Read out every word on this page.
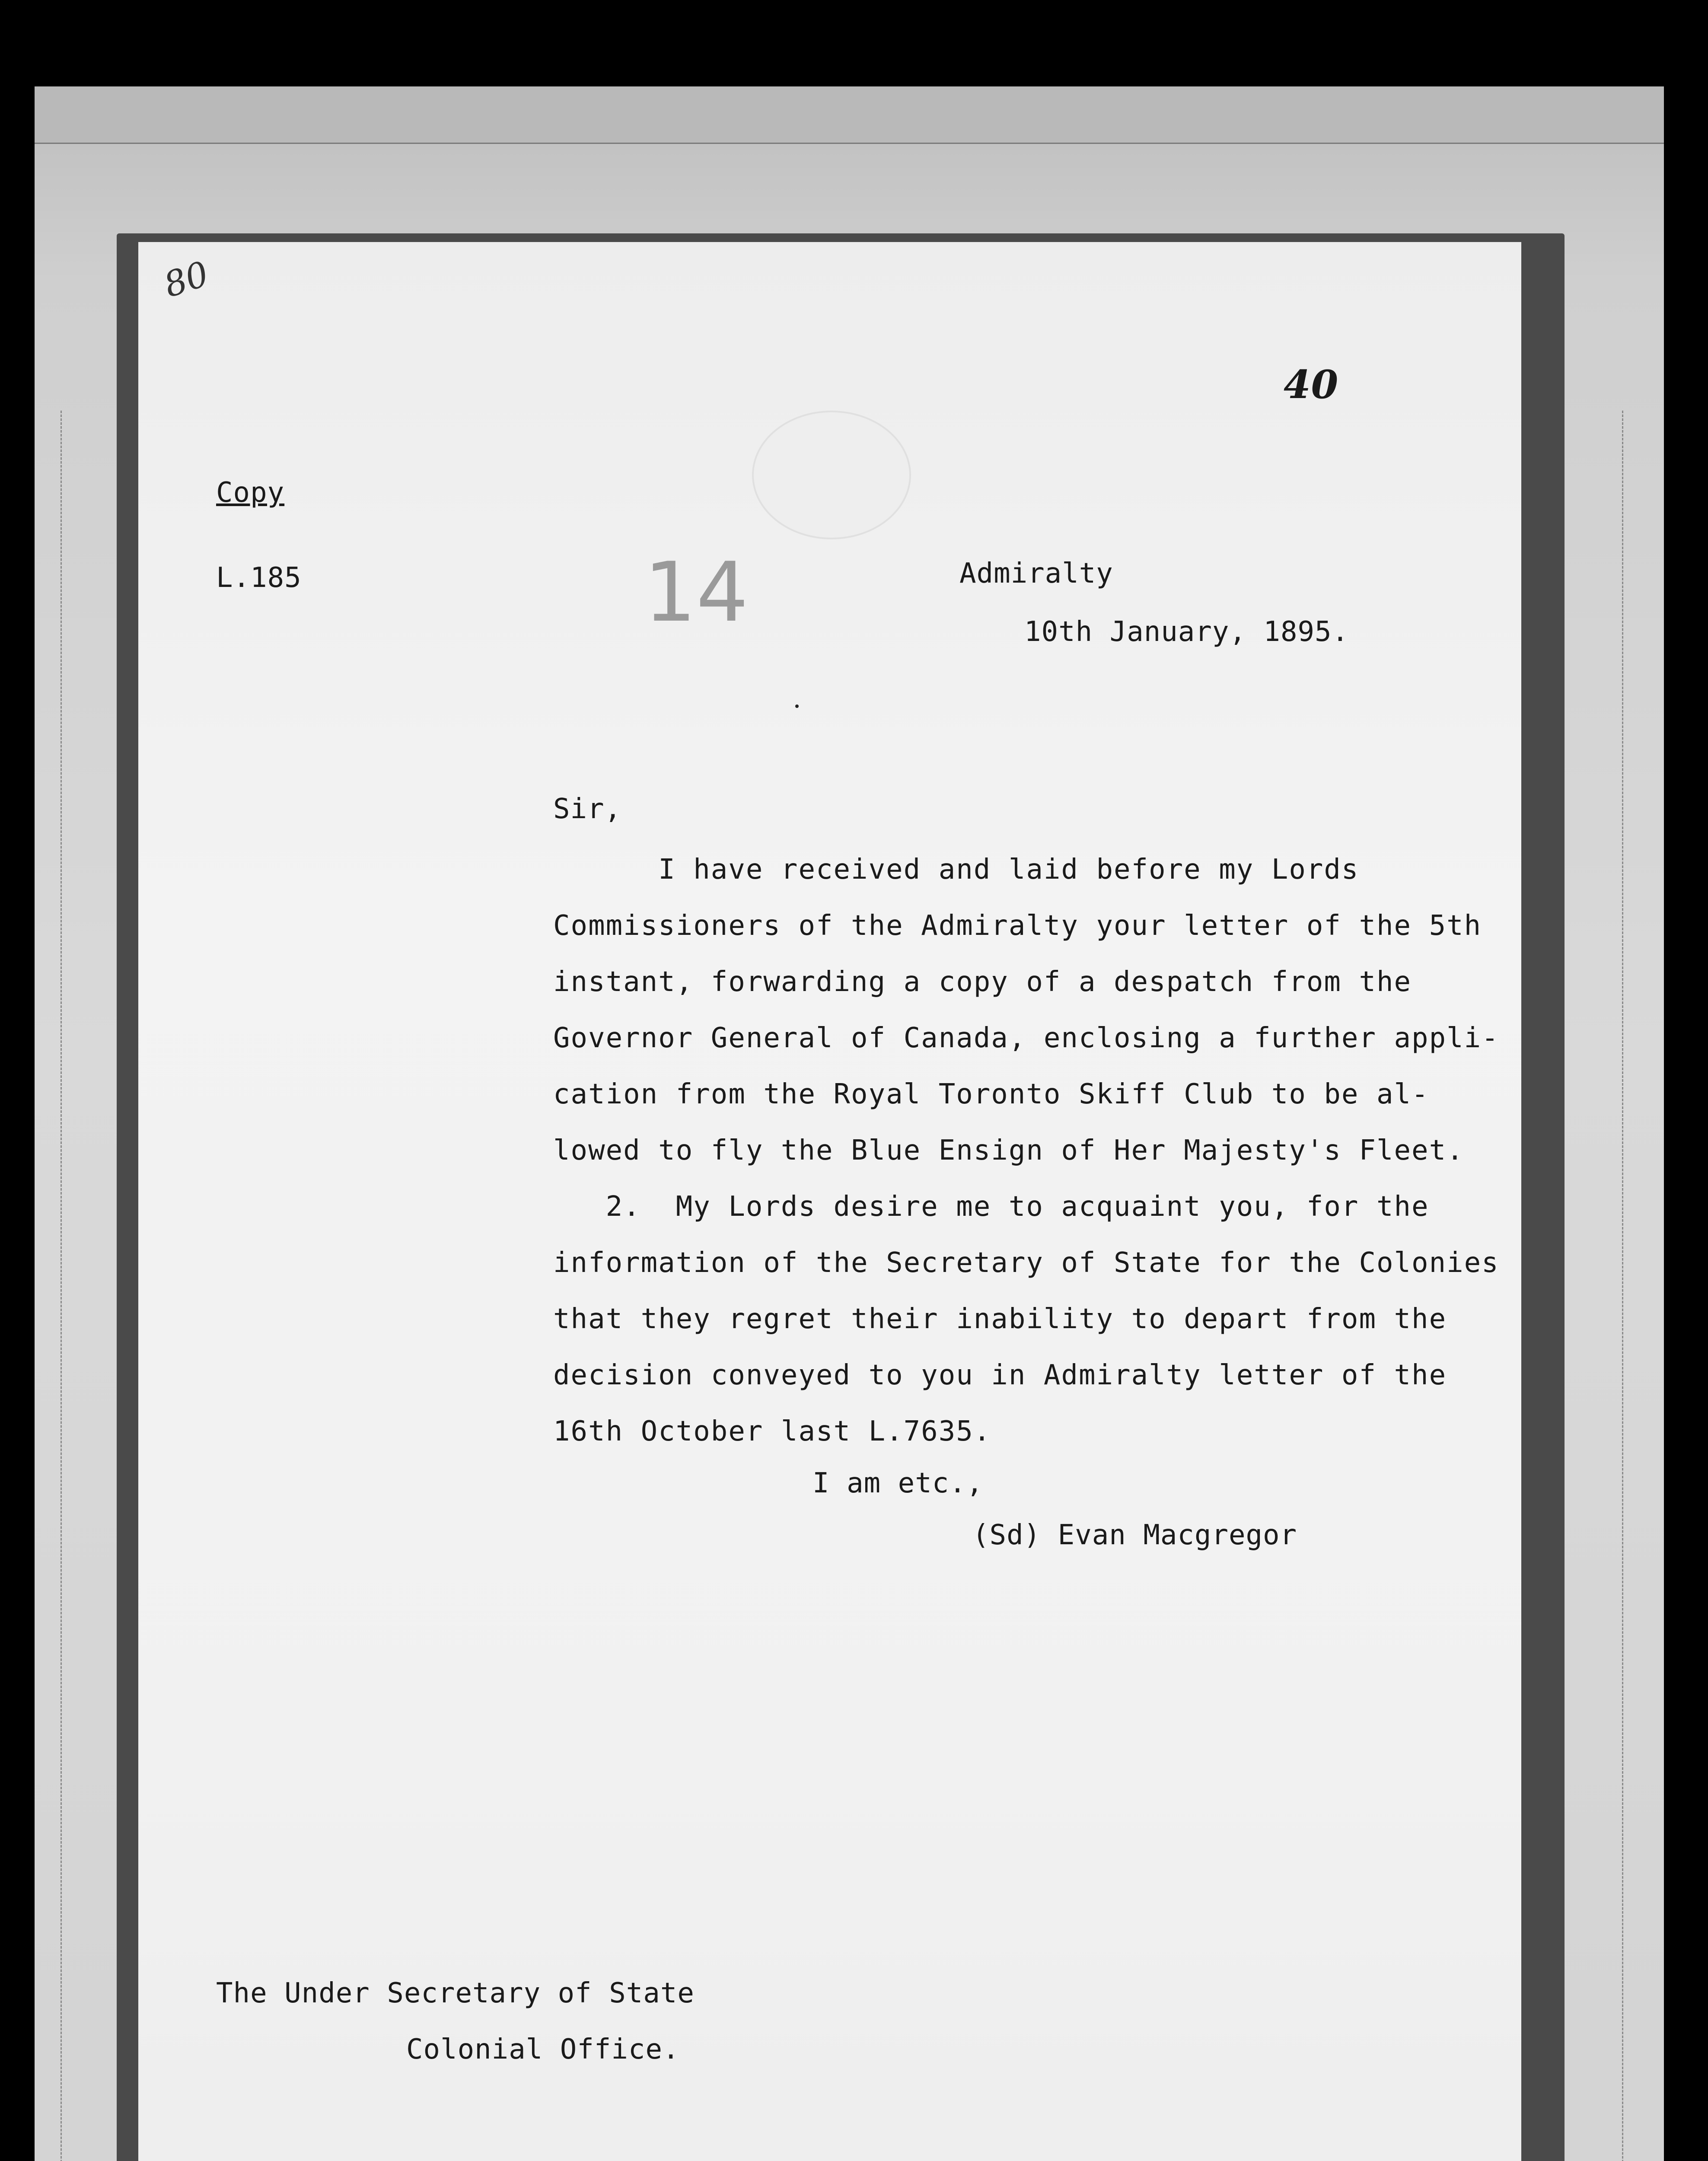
80
40
Copy
L.185	14	Admiralty
10th January, 1895.
Sir,
I have received and laid before my Lords
Commissioners of the Admiralty your letter of the 5th
instant, forwarding a copy of a despatch from the
Governor General of Canada, enclosing a further appli-
cation from the Royal Toronto Skiff Club to be al-
lowed to fly the Blue Ensign of Her Majesty's Fleet.
2.  My Lords desire me to acquaint you, for the
information of the Secretary of State for the Colonies
that they regret their inability to depart from the
decision conveyed to you in Admiralty letter of the
16th October last L.7635.
I am etc.,
(Sd) Evan Macgregor
The Under Secretary of State
Colonial Office.
